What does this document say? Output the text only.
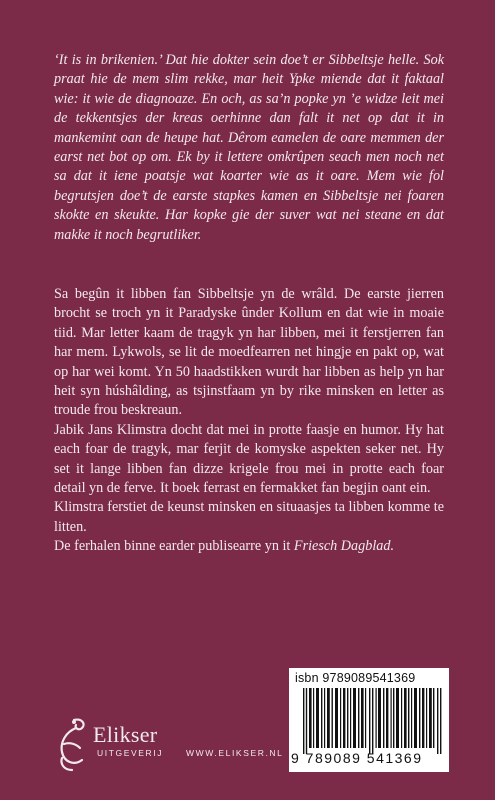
‘It is in brikenien.’ Dat hie dokter sein doe’t er Sibbeltsje helle. Sok praat hie de mem slim rekke, mar heit Ypke miende dat it faktaal wie: it wie de diagnoaze. En och, as sa’n popke yn ’e widze leit mei de tekkentsjes der kreas oerhinne dan falt it net op dat it in mankemint oan de heupe hat. Dêrom eamelen de oare memmen der earst net bot op om. Ek by it lettere omkrûpen seach men noch net sa dat it iene poatsje wat koarter wie as it oare. Mem wie fol begrutsjen doe’t de earste stapkes kamen en Sibbeltsje nei foaren skokte en skeukte. Har kopke gie der suver wat nei steane en dat makke it noch begrutliker.

Sa begûn it libben fan Sibbeltsje yn de wrâld. De earste jierren brocht se troch yn it Paradyske ûnder Kollum en dat wie in moaie tiid. Mar letter kaam de tragyk yn har libben, mei it ferstjerren fan har mem. Lykwols, se lit de moedfearren net hingje en pakt op, wat op har wei komt. Yn 50 haadstikken wurdt har libben as help yn har heit syn húshâlding, as tsjinstfaam yn by rike minsken en letter as troude frou beskreaun.

Jabik Jans Klimstra docht dat mei in protte faasje en humor. Hy hat each foar de tragyk, mar ferjit de komyske aspekten seker net. Hy set it lange libben fan dizze krigele frou mei in protte each foar detail yn de ferve. It boek ferrast en fermakket fan begjin oant ein.

Klimstra ferstiet de keunst minsken en situaasjes ta libben komme te litten.

De ferhalen binne earder publisearre yn it Friesch Dagblad.

isbn 9789089541369
9 789089 541369
Elikser
UITGEVERIJ	WWW.ELIKSER.NL
